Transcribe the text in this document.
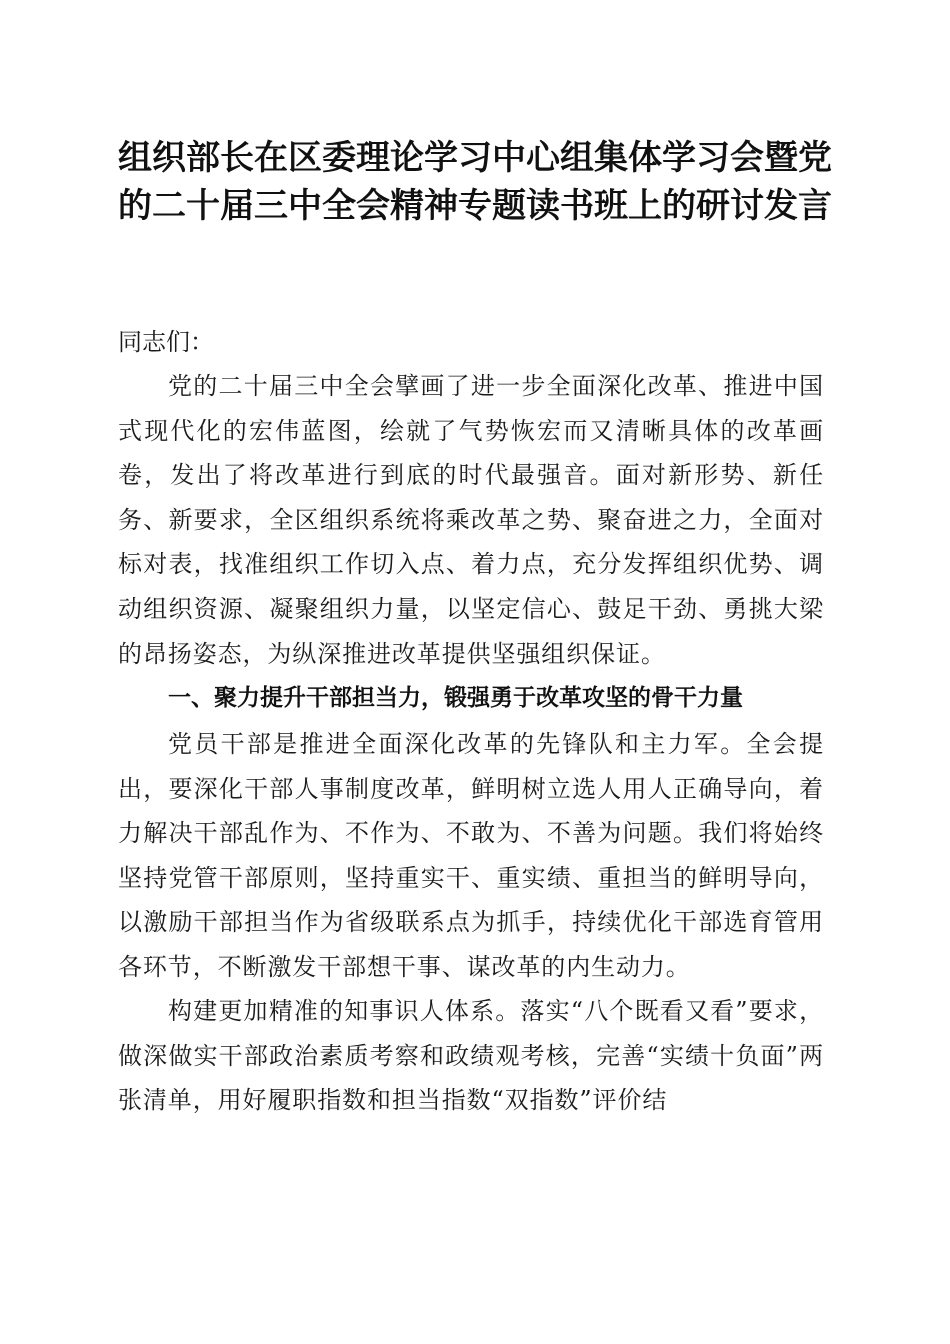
组织部长在区委理论学习中心组集体学习会暨党的二十届三中全会精神专题读书班上的研讨发言
同志们：

党的二十届三中全会擘画了进一步全面深化改革、推进中国式现代化的宏伟蓝图，绘就了气势恢宏而又清晰具体的改革画卷，发出了将改革进行到底的时代最强音。面对新形势、新任务、新要求，全区组织系统将乘改革之势、聚奋进之力，全面对标对表，找准组织工作切入点、着力点，充分发挥组织优势、调动组织资源、凝聚组织力量，以坚定信心、鼓足干劲、勇挑大梁的昂扬姿态，为纵深推进改革提供坚强组织保证。

一、聚力提升干部担当力，锻强勇于改革攻坚的骨干力量

党员干部是推进全面深化改革的先锋队和主力军。全会提出，要深化干部人事制度改革，鲜明树立选人用人正确导向，着力解决干部乱作为、不作为、不敢为、不善为问题。我们将始终坚持党管干部原则，坚持重实干、重实绩、重担当的鲜明导向，以激励干部担当作为省级联系点为抓手，持续优化干部选育管用各环节，不断激发干部想干事、谋改革的内生动力。

构建更加精准的知事识人体系。落实“八个既看又看”要求，做深做实干部政治素质考察和政绩观考核，完善“实绩十负面”两张清单，用好履职指数和担当指数“双指数”评价结
